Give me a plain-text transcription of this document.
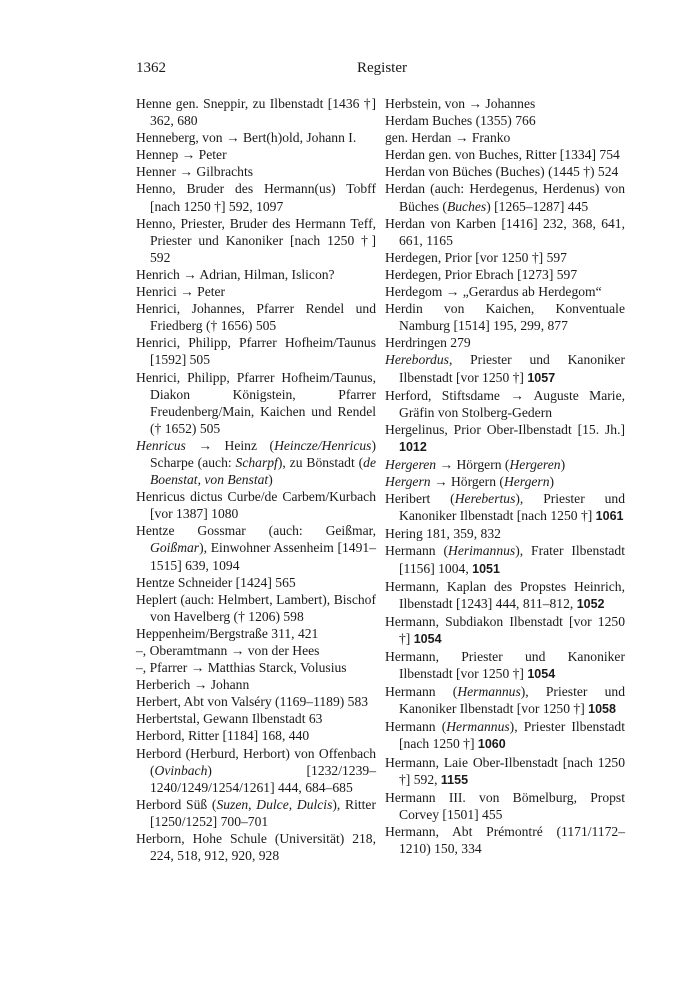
1362	Register
Henne gen. Sneppir, zu Ilbenstadt [1436 †] 362, 680
Henneberg, von → Bert(h)old, Johann I.
Hennep → Peter
Henner → Gilbrachts
Henno, Bruder des Hermann(us) Tobff [nach 1250 †] 592, 1097
Henno, Priester, Bruder des Hermann Teff, Priester und Kanoniker [nach 1250 †] 592
Henrich → Adrian, Hilman, Islicon?
Henrici → Peter
Henrici, Johannes, Pfarrer Rendel und Friedberg († 1656) 505
Henrici, Philipp, Pfarrer Hofheim/Taunus [1592] 505
Henrici, Philipp, Pfarrer Hofheim/Taunus, Diakon Königstein, Pfarrer Freudenberg/Main, Kaichen und Rendel († 1652) 505
Henricus → Heinz (Heincze/Henricus) Scharpe (auch: Scharpf), zu Bönstadt (de Boenstat, von Benstat)
Henricus dictus Curbe/de Carbem/Kurbach [vor 1387] 1080
Hentze Gossmar (auch: Geißmar, Goißmar), Einwohner Assenheim [1491–1515] 639, 1094
Hentze Schneider [1424] 565
Heplert (auch: Helmbert, Lambert), Bischof von Havelberg († 1206) 598
Heppenheim/Bergstraße 311, 421
–, Oberamtmann → von der Hees
–, Pfarrer → Matthias Starck, Volusius
Herberich → Johann
Herbert, Abt von Valséry (1169–1189) 583
Herbertstal, Gewann Ilbenstadt 63
Herbord, Ritter [1184] 168, 440
Herbord (Herburd, Herbort) von Offenbach (Ovinbach) [1232/1239–1240/1249/1254/1261] 444, 684–685
Herbord Süß (Suzen, Dulce, Dulcis), Ritter [1250/1252] 700–701
Herborn, Hohe Schule (Universität) 218, 224, 518, 912, 920, 928
Herbstein, von → Johannes
Herdam Buches (1355) 766
gen. Herdan → Franko
Herdan gen. von Buches, Ritter [1334] 754
Herdan von Büches (Buches) (1445 †) 524
Herdan (auch: Herdegenus, Herdenus) von Büches (Buches) [1265–1287] 445
Herdan von Karben [1416] 232, 368, 641, 661, 1165
Herdegen, Prior [vor 1250 †] 597
Herdegen, Prior Ebrach [1273] 597
Herdegom → „Gerardus ab Herdegom“
Herdin von Kaichen, Konventuale Namburg [1514] 195, 299, 877
Herdringen 279
Herebordus, Priester und Kanoniker Ilbenstadt [vor 1250 †] 1057
Herford, Stiftsdame → Auguste Marie, Gräfin von Stolberg-Gedern
Hergelinus, Prior Ober-Ilbenstadt [15. Jh.] 1012
Hergeren → Hörgern (Hergeren)
Hergern → Hörgern (Hergern)
Heribert (Herebertus), Priester und Kanoniker Ilbenstadt [nach 1250 †] 1061
Hering 181, 359, 832
Hermann (Herimannus), Frater Ilbenstadt [1156] 1004, 1051
Hermann, Kaplan des Propstes Heinrich, Ilbenstadt [1243] 444, 811–812, 1052
Hermann, Subdiakon Ilbenstadt [vor 1250 †] 1054
Hermann, Priester und Kanoniker Ilbenstadt [vor 1250 †] 1054
Hermann (Hermannus), Priester und Kanoniker Ilbenstadt [vor 1250 †] 1058
Hermann (Hermannus), Priester Ilbenstadt [nach 1250 †] 1060
Hermann, Laie Ober-Ilbenstadt [nach 1250 †] 592, 1155
Hermann III. von Bömelburg, Propst Corvey [1501] 455
Hermann, Abt Prémontré (1171/1172–1210) 150, 334
